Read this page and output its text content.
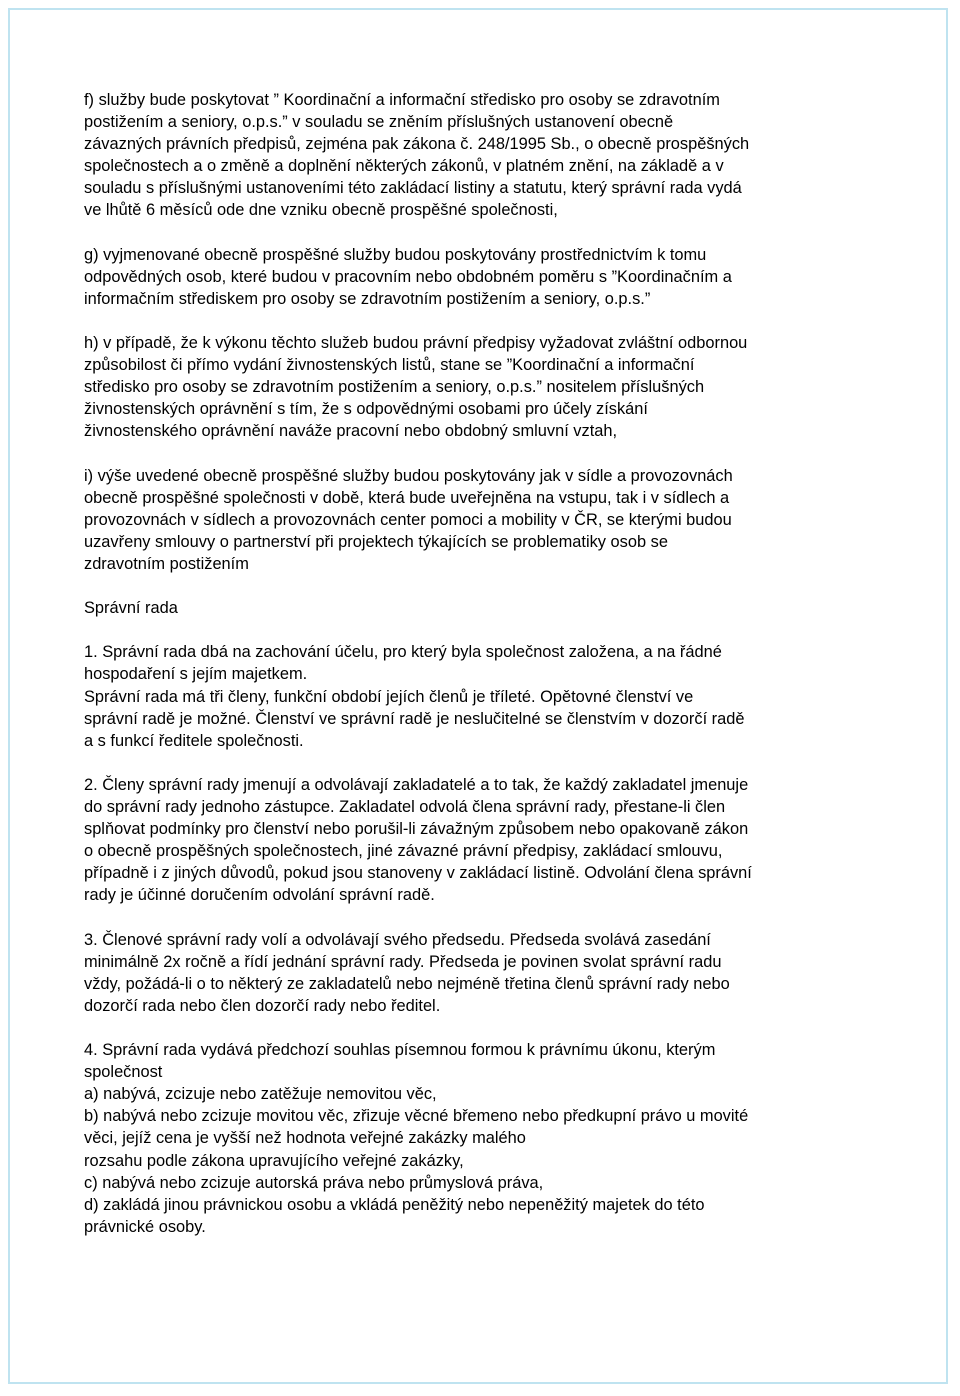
f) služby bude poskytovat ” Koordinační a informační středisko pro osoby se zdravotním
postižením a seniory, o.p.s.” v souladu se zněním příslušných ustanovení obecně
závazných právních předpisů, zejména pak zákona č. 248/1995 Sb., o obecně prospěšných
společnostech a o změně a doplnění některých zákonů, v platném znění, na základě a v
souladu s příslušnými ustanoveními této zakládací listiny a statutu, který správní rada vydá
ve lhůtě 6 měsíců ode dne vzniku obecně prospěšné společnosti,

g) vyjmenované obecně prospěšné služby budou poskytovány prostřednictvím k tomu
odpovědných osob, které budou v pracovním nebo obdobném poměru s ”Koordinačním a
informačním střediskem pro osoby se zdravotním postižením a seniory, o.p.s.”

h) v případě, že k výkonu těchto služeb budou právní předpisy vyžadovat zvláštní odbornou
způsobilost či přímo vydání živnostenských listů, stane se ”Koordinační a informační
středisko pro osoby se zdravotním postižením a seniory, o.p.s.” nositelem příslušných
živnostenských oprávnění s tím, že s odpovědnými osobami pro účely získání
živnostenského oprávnění naváže pracovní nebo obdobný smluvní vztah,

i) výše uvedené obecně prospěšné služby budou poskytovány jak v sídle a provozovnách
obecně prospěšné společnosti v době, která bude uveřejněna na vstupu, tak i v sídlech a
provozovnách v sídlech a provozovnách center pomoci a mobility v ČR, se kterými budou
uzavřeny smlouvy o partnerství při projektech týkajících se problematiky osob se
zdravotním postižením

Správní rada

1. Správní rada dbá na zachování účelu, pro který byla společnost založena, a na řádné
hospodaření s jejím majetkem.
Správní rada má tři členy, funkční období jejích členů je tříleté. Opětovné členství ve
správní radě je možné. Členství ve správní radě je neslučitelné se členstvím v dozorčí radě
a s funkcí ředitele společnosti.

2. Členy správní rady jmenují a odvolávají zakladatelé a to tak, že každý zakladatel jmenuje
do správní rady jednoho zástupce. Zakladatel odvolá člena správní rady, přestane-li člen
splňovat podmínky pro členství nebo porušil-li závažným způsobem nebo opakovaně zákon
o obecně prospěšných společnostech, jiné závazné právní předpisy, zakládací smlouvu,
případně i z jiných důvodů, pokud jsou stanoveny v zakládací listině. Odvolání člena správní
rady je účinné doručením odvolání správní radě.

3. Členové správní rady volí a odvolávají svého předsedu. Předseda svolává zasedání
minimálně 2x ročně a řídí jednání správní rady. Předseda je povinen svolat správní radu
vždy, požádá-li o to některý ze zakladatelů nebo nejméně třetina členů správní rady nebo
dozorčí rada nebo člen dozorčí rady nebo ředitel.

4. Správní rada vydává předchozí souhlas písemnou formou k právnímu úkonu, kterým
společnost
a) nabývá, zcizuje nebo zatěžuje nemovitou věc,
b) nabývá nebo zcizuje movitou věc, zřizuje věcné břemeno nebo předkupní právo u movité
věci, jejíž cena je vyšší než hodnota veřejné zakázky malého
rozsahu podle zákona upravujícího veřejné zakázky,
c) nabývá nebo zcizuje autorská práva nebo průmyslová práva,
d) zakládá jinou právnickou osobu a vkládá peněžitý nebo nepeněžitý majetek do této
právnické osoby.
